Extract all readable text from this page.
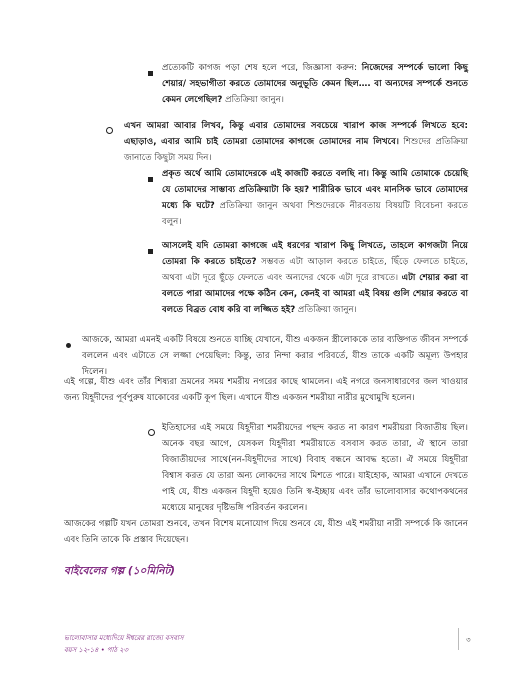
প্রত্যেকটি কাগজ পড়া শেষ হলে পরে, জিজ্ঞাসা করুন: নিজেদের সম্পর্কে ভালো কিছু শেয়ার/ সহভাগীতা করতে তোমাদের অনুভূতি কেমন ছিল…. বা অন্যদের সম্পর্কে শুনতে কেমন লেগেছিল? প্রতিক্রিয়া জানুন।

এখন আমরা আবার লিখব, কিন্তু এবার তোমাদের সবচেয়ে খারাপ কাজ সম্পর্কে লিখতে হবে: এছাড়াও, এবার আমি চাই তোমরা তোমাদের কাগজে তোমাদের নাম লিখবে। শিশুদের প্রতিক্রিয়া জানাতে কিছুটা সময় দিন।

প্রকৃত অর্থে আমি তোমাদেরকে এই কাজটি করতে বলছি না। কিন্তু আমি তোমাকে চেয়েছি যে তোমাদের সাম্ভাব্য প্রতিক্রিয়াটা কি হয়? শারীরিক ভাবে এবং মানসিক ভাবে তোমাদের মধ্যে কি ঘটে? প্রতিক্রিয়া জানুন অথবা শিশুদেরকে নীরবতায় বিষয়টি বিবেচনা করতে বলুন।

আসলেই যদি তোমরা কাগজে এই ধরণের খারাপ কিছু লিখতে, তাহলে কাগজটা নিয়ে তোমরা কি করতে চাইতে? সম্ভবত এটা আড়াল করতে চাইতে, ছিঁড়ে ফেলতে চাইতে, অথবা এটা দূরে ছুঁড়ে ফেলতে এবং অন্যদের থেকে এটা দূরে রাখতে। এটা শেয়ার করা বা বলতে পারা আমাদের পক্ষে কঠিন কেন, কেনই বা আমরা এই বিষয় গুলি শেয়ার করতে বা বলতে বিব্রত বোধ করি বা লজ্জিত হই? প্রতিক্রিয়া জানুন।

আজকে, আমরা এমনই একটি বিষয়ে শুনতে যাচ্ছি যেখানে, যীশু একজন স্ত্রীলোককে তার ব্যক্তিগত জীবন সম্পর্কে বললেন এবং এটাতে সে লজ্জা পেয়েছিল: কিন্তু, তার নিন্দা করার পরিবর্তে, যীশু তাকে একটি অমূল্য উপহার দিলেন।

এই গল্পে, যীশু এবং তাঁর শিষ্যরা ভ্রমনের সময় শমরীয় নগরের কাছে থামলেন। এই নগরে জনসাধারণের জল খাওয়ার জন্য যিহূদীদের পূর্বপুরুষ যাকোবের একটি কূপ ছিল। এখানে যীশু একজন শমরীয়া নারীর মুখোমুখি হলেন।

ইতিহাসের এই সময়ে যিহূদীরা শমরীয়দের পছন্দ করত না কারণ শমরীয়রা বিজাতীয় ছিল। অনেক বছর আগে, যেসকল যিহূদীরা শমরীয়াতে বসবাস করত তারা, ঐ স্থানে তারা বিজাতীয়দের সাথে(নন-যিহূদীদের সাথে) বিবাহ বন্ধনে আবদ্ধ হতো। ঐ সময়ে যিহূদীরা বিশ্বাস করত যে তারা অন্য লোকদের সাথে মিশতে পারে। যাইহোক, আমরা এখানে দেখতে পাই যে, যীশু একজন যিহূদী হয়েও তিনি স্ব-ইচ্ছায় এবং তাঁর ভালোবাসার কথোপকথনের মধ্যেয়ে মানুষের দৃষ্টিভঙ্গি পরিবর্তন করলেন।

আজকের গল্পটি যখন তোমরা শুনবে, তখন বিশেষ মনোযোগ দিয়ে শুনবে যে, যীশু এই শমরীয়া নারী সম্পর্কে কি জানেন এবং তিনি তাকে কি প্রস্তাব দিয়েছেন।

বাইবেলের গল্প (১০মিনিট)
ভালোবাসার মধ্যেদিয়ে ঈশ্বরের রাজ্যে বসবাস
বয়স ১২-১৪ • পাঠ ২৩
৩
